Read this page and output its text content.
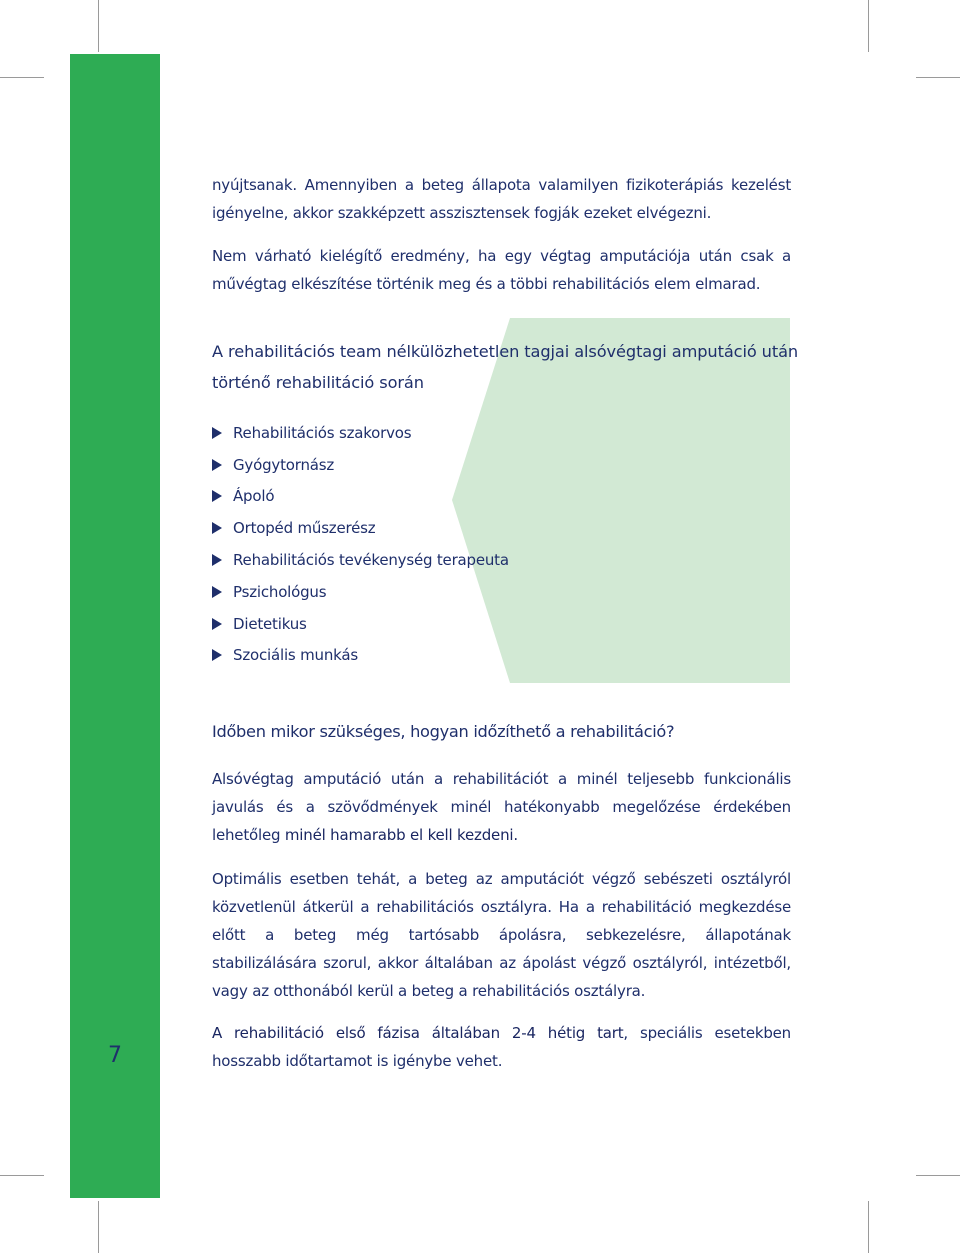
7

nyújtsanak. Amennyiben a beteg állapota valamilyen fizikoterápiás kezelést igényelne, akkor szakképzett asszisztensek fogják ezeket elvégezni.

Nem várható kielégítő eredmény, ha egy végtag amputációja után csak a művégtag elkészítése történik meg és a többi rehabilitációs elem elmarad.

A rehabilitációs team nélkülözhetetlen tagjai alsóvégtagi amputáció után történő rehabilitáció során
Rehabilitációs szakorvos
Gyógytornász
Ápoló
Ortopéd műszerész
Rehabilitációs tevékenység terapeuta
Pszichológus
Dietetikus
Szociális munkás
Időben mikor szükséges, hogyan időzíthető a rehabilitáció?

Alsóvégtag amputáció után a rehabilitációt a minél teljesebb funkcionális javulás és a szövődmények minél hatékonyabb megelőzése érdekében lehetőleg minél hamarabb el kell kezdeni.

Optimális esetben tehát, a beteg az amputációt végző sebészeti osztályról közvetlenül átkerül a rehabilitációs osztályra. Ha a rehabilitáció megkezdése előtt a beteg még tartósabb ápolásra, sebkezelésre, állapotának stabilizálására szorul, akkor általában az ápolást végző osztályról, intézetből, vagy az otthonából kerül a beteg a rehabilitációs osztályra.

A rehabilitáció első fázisa általában 2-4 hétig tart, speciális esetekben hosszabb időtartamot is igénybe vehet.
